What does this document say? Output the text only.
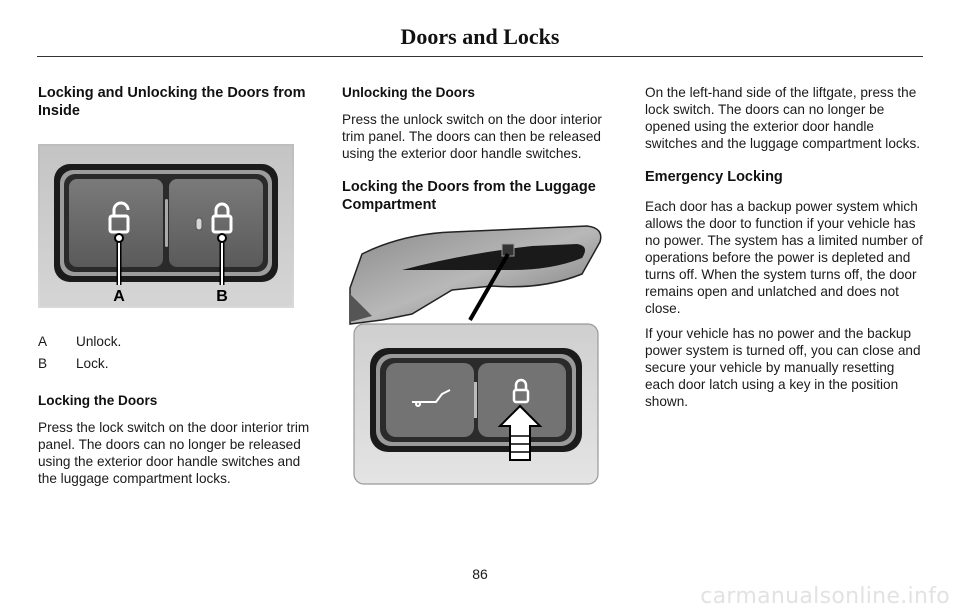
Doors and Locks
Locking and Unlocking the Doors from Inside
A	B
A	Unlock.
B	Lock.
Locking the Doors

Press the lock switch on the door interior trim panel. The doors can no longer be released using the exterior door handle switches and the luggage compartment locks.

Unlocking the Doors

Press the unlock switch on the door interior trim panel. The doors can then be released using the exterior door handle switches.

Locking the Doors from the Luggage Compartment

On the left-hand side of the liftgate, press the lock switch. The doors can no longer be opened using the exterior door handle switches and the luggage compartment locks.

Emergency Locking

Each door has a backup power system which allows the door to function if your vehicle has no power. The system has a limited number of operations before the power is depleted and turns off. When the system turns off, the door remains open and unlatched and does not close.

If your vehicle has no power and the backup power system is turned off, you can close and secure your vehicle by manually resetting each door latch using a key in the position shown.

86
carmanualsonline.info
